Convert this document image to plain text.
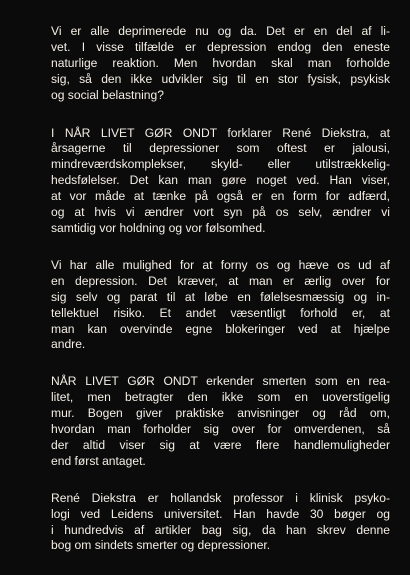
Vi er alle deprimerede nu og da. Det er en del af li-
vet. I visse tilfælde er depression endog den eneste
naturlige reaktion. Men hvordan skal man forholde
sig, så den ikke udvikler sig til en stor fysisk, psykisk
og social belastning?
I NÅR LIVET GØR ONDT forklarer René Diekstra, at
årsagerne til depressioner som oftest er jalousi,
mindreværdskomplekser, skyld- eller utilstrækkelig-
hedsfølelser. Det kan man gøre noget ved. Han viser,
at vor måde at tænke på også er en form for adfærd,
og at hvis vi ændrer vort syn på os selv, ændrer vi
samtidig vor holdning og vor følsomhed.
Vi har alle mulighed for at forny os og hæve os ud af
en depression. Det kræver, at man er ærlig over for
sig selv og parat til at løbe en følelsesmæssig og in-
tellektuel risiko. Et andet væsentligt forhold er, at
man kan overvinde egne blokeringer ved at hjælpe
andre.
NÅR LIVET GØR ONDT erkender smerten som en rea-
litet, men betragter den ikke som en uoverstigelig
mur. Bogen giver praktiske anvisninger og råd om,
hvordan man forholder sig over for omverdenen, så
der altid viser sig at være flere handlemuligheder
end først antaget.
René Diekstra er hollandsk professor i klinisk psyko-
logi ved Leidens universitet. Han havde 30 bøger og
i hundredvis af artikler bag sig, da han skrev denne
bog om sindets smerter og depressioner.
